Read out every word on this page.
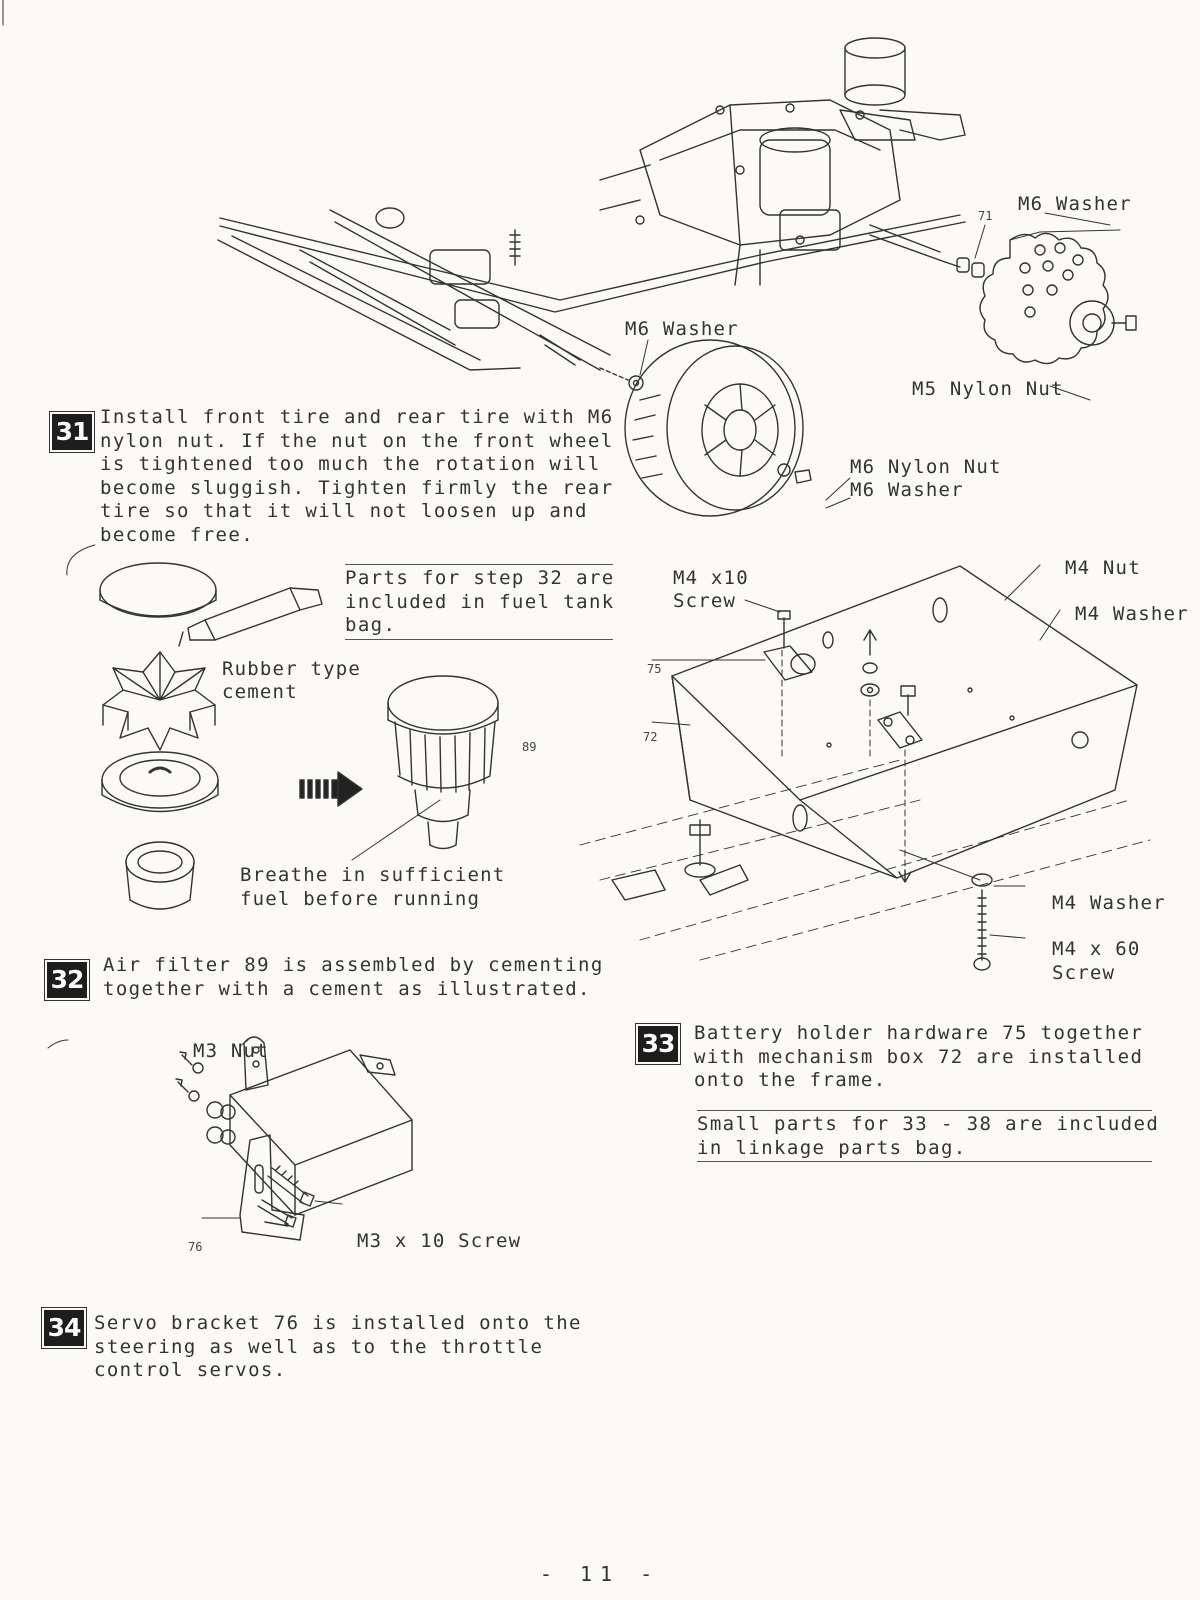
M6 Washer
71
M6 Washer
M5 Nylon Nut
M6 Nylon Nut
M6 Washer
31 Install front tire and rear tire with M6
nylon nut. If the nut on the front wheel
is tightened too much the rotation will
become sluggish. Tighten firmly the rear
tire so that it will not loosen up and
become free.
Parts for step 32 are
included in fuel tank
bag.
Rubber type
cement
89
Breathe in sufficient
fuel before running
32 Air filter 89 is assembled by cementing
together with a cement as illustrated.
M4 x10
Screw
M4 Nut
M4 Washer
75
72
M4 Washer
M4 x 60
Screw
33 Battery holder hardware 75 together
with mechanism box 72 are installed
onto the frame.
Small parts for 33 - 38 are included
in linkage parts bag.
M3 Nut
76	M3 x 10 Screw
34 Servo bracket 76 is installed onto the
steering as well as to the throttle
control servos.
- 11 -
